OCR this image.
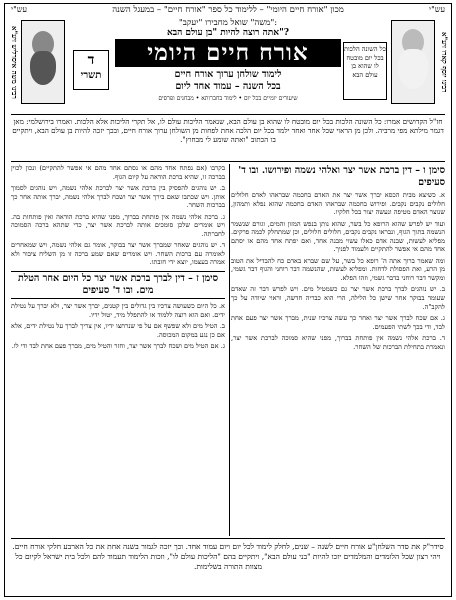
עש"י	מכון "אורח חיים היומי" – ללימוד כל ספר "אורח חיים" – במעגל השנה	עש"י
רבינו יוסף קארו זיע"א
רבינו משה איסרליש זיע"א	כל השונה הלכות בכל יום מובטח לו שהוא בן עולם הבא
ד
תשרי
"משה" שואל מחבירו "יעקב":
אתה רוצה להיות "בן עולם הבא"?
אורח חיים היומי
לימוד שולחן ערוך אורח חיים
בכל השנה – עמוד אחד ליום
שיעורים יומיים בכל יום • לימוד בחברותא • מבחנים ופרסים
חז"ל הקדושים אמרו: כל השונה הלכות בכל יום מובטח לו שהוא בן עולם הבא, שנאמר הליכות עולם לו, אל תקרי הליכות אלא הלכות. ואמרו בירושלמי: מאן דגמר מילתא מפי מרביה. ולכן מן הראוי שכל אחד ואחד ילמד בכל יום הלכה אחת לפחות מן השולחן ערוך אורח חיים, ובכך יזכה להיות בן עולם הבא, ויתקיים בו הכתוב "ואתה שומע לי מבחוץ".
סימן ו – דין ברכת אשר יצר ואלהי נשמה ופירושו. ובו ד' סעיפים
א. כשיצא מבית הכסא יברך אשר יצר את האדם בחכמה שבראהו לאדם חלולים חלולים נקבים נקבים. ופירוש בחכמה שבראהו האדם בחכמה שהוא נפלא ותמהון, שנוצר האדם מטיפה ונעשה יצור בכל חלקיו.
ועוד יש לפרש שהוא הרופא כל בשר, שהוא נותן בנפש המזון והמים, וגורם שנשמר הנשמה בתוך הגוף, ונבראו נקבים נקבים, חלולים חלולים, וכן שמתחלק לכמה פרקים. מפליא לעשות, שבנה אדם כאלו עשוי מבנה אחד, ואם יפתח אחד מהם או יסתם אחד מהם אי אפשר להתקיים ולעמוד לפניך.
ומה שאמר ברוך אתה ה' רופא כל בשר, על שם שברא באדם כח להבדיל את הטוב מן הרע, ואת הפסולת לדחות. ומפליא לעשות, שהנשמה דבר רוחני והגוף דבר גשמי, ומקשר דבר רוחני בדבר גשמי, וזהו הפלא.
ב. יש נוהגים לברך ברכת אשר יצר גם כשמטיל מים. ויש לפרש דבר זה שאדם שעומד בבוקר אחר שישן כל הלילה, הרי הוא כבריה חדשה, וראוי שיודה על כך להקב"ה.
ג. אם שכח לברך אשר יצר ואחר כך עשה צרכיו שנית, מברך אשר יצר פעם אחת לבד, ודי בכך לשתי הפעמים.
ד. ברכת אלהי נשמה אין פותחת בברוך, מפני שהיא סמוכה לברכת אשר יצר, ונאמרת בתחילת הברכות של השחר.
בקרבו (אם נפתח אחד מהם או נסתם אחד מהם אי אפשר להתקיים) ונכון לכוין בברכה זו, שהיא ברכת הודאה על קיום הגוף.
ב. יש נוהגים להפסיק בין ברכת אשר יצר לברכת אלהי נשמה, ויש נוהגים לסמוך אותן. ויש שכתבו שאם בירך אשר יצר ושכח לברך אלהי נשמה, יברך אותה אחר כך בברכות השחר.
ג. ברכת אלהי נשמה אין פותחת בברוך, מפני שהיא ברכת הודאה ואין פותחות בה. ויש אומרים שלכן סומכים אותה לברכת אשר יצר, כדי שתהא ברכה הסמוכה לחברתה.
ד. יש נוהגים שאחר שמברך אשר יצר בבוקר, אומר גם אלהי נשמה, ויש שמאחרים לאומרה עם ברכות השחר. ויש אומרים שאם שמע ברכה זו מן השליח ציבור ולא אמרה בעצמו, יוצא ידי חובתו.
סימן ז – דין לברך ברכת אשר יצר כל היום אחר הטלת מים. ובו ד' סעיפים
א. כל היום כשעושה צרכיו בין גדולים בין קטנים, יברך אשר יצר, ולא יברך על נטילת ידים. ואם הוא רוצה ללמוד או להתפלל מיד, יטול ידיו.
ב. הטיל מים ולא שפשף אם על פי שנרחצו ידיו, אין צריך לברך על נטילת ידים, אלא אם כן נגע במקום המכוסה.
ג. אם הטיל מים ושכח לברך אשר יצר, וחזר והטיל מים, מברך פעם אחת לבד ודי לו.
סידר"ק את סדר השלחן"ע אורח חיים לשנה – שנים, לחלק לימוד לכל יום ויום עמוד אחד. וכך יזכה לגמור בשנה אחת את כל הארבע חלקי אורח חיים. ויהי רצון שכל הלומדים והמלמדים יזכו להיות "בני עולם הבא", ויתקיים בהם "הליכות עולם לו", וזכות הלימוד תעמוד להם ולכל בית ישראל לקיום כל מצוות התורה בשלימות.
